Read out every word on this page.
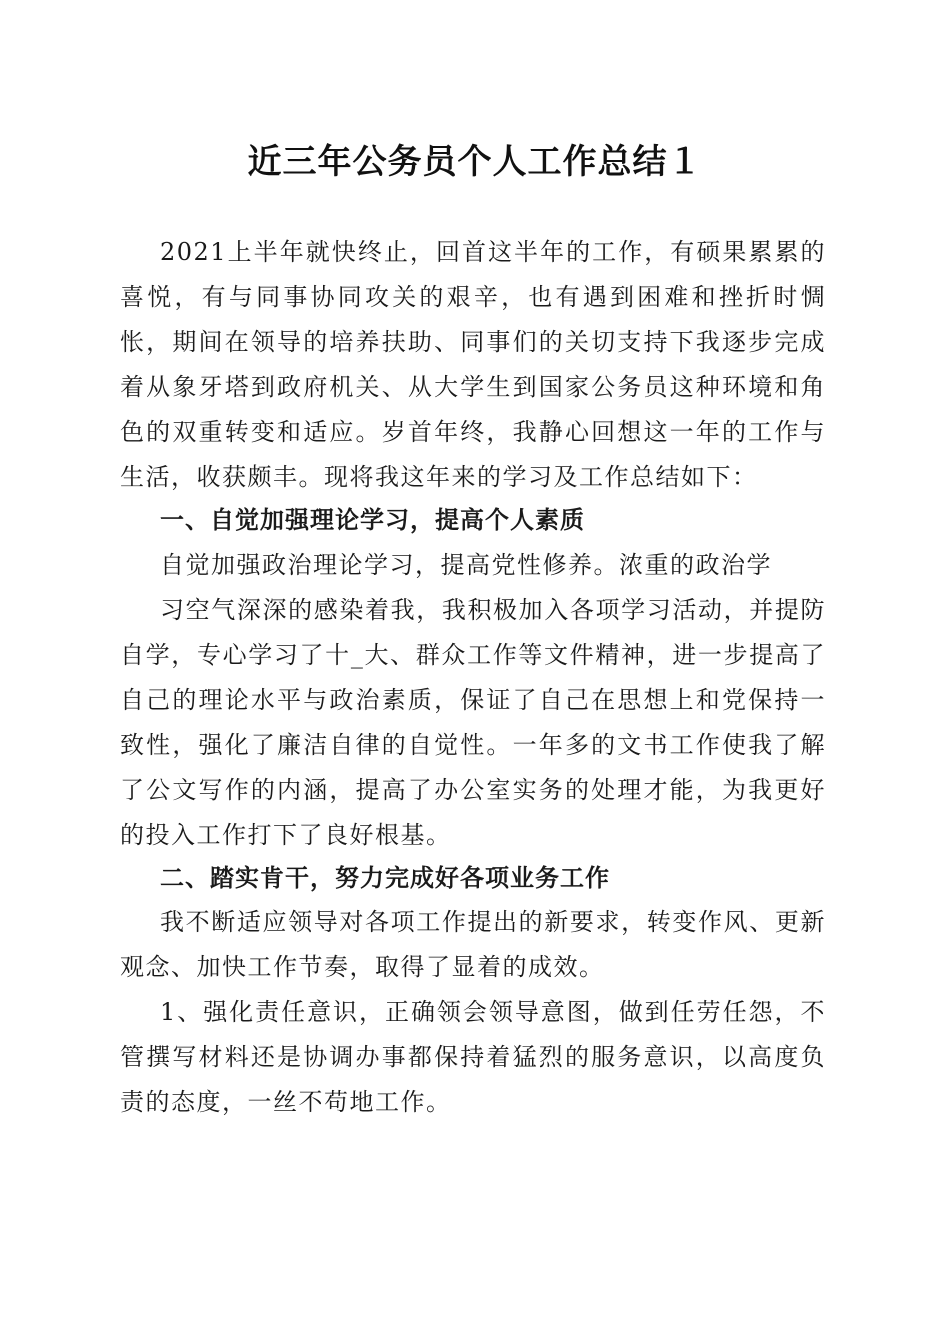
近三年公务员个人工作总结１

2021上半年就快终止，回首这半年的工作，有硕果累累的喜悦，有与同事协同攻关的艰辛，也有遇到困难和挫折时惆怅，期间在领导的培养扶助、同事们的关切支持下我逐步完成着从象牙塔到政府机关、从大学生到国家公务员这种环境和角色的双重转变和适应。岁首年终，我静心回想这一年的工作与生活，收获颇丰。现将我这年来的学习及工作总结如下：

一、自觉加强理论学习，提高个人素质

自觉加强政治理论学习，提高党性修养。浓重的政治学

习空气深深的感染着我，我积极加入各项学习活动，并提防自学，专心学习了十_大、群众工作等文件精神，进一步提高了自己的理论水平与政治素质，保证了自己在思想上和党保持一致性，强化了廉洁自律的自觉性。一年多的文书工作使我了解了公文写作的内涵，提高了办公室实务的处理才能，为我更好的投入工作打下了良好根基。

二、踏实肯干，努力完成好各项业务工作

我不断适应领导对各项工作提出的新要求，转变作风、更新观念、加快工作节奏，取得了显着的成效。

1、强化责任意识，正确领会领导意图，做到任劳任怨，不管撰写材料还是协调办事都保持着猛烈的服务意识，以高度负责的态度，一丝不苟地工作。
